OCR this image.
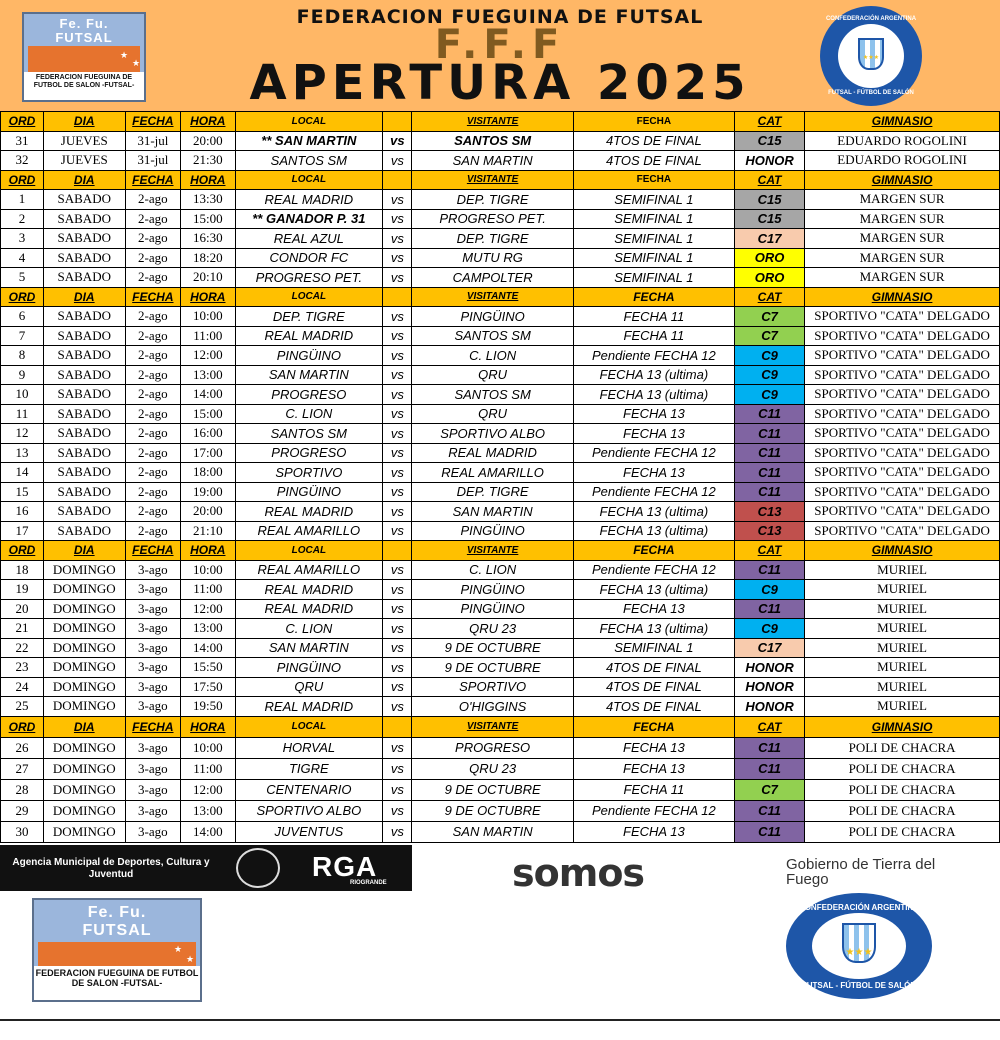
FEDERACION FUEGUINA DE FUTSAL
F.F.F
APERTURA 2025
Fe. Fu.
FUTSAL
★
★
FEDERACION FUEGUINA DE FUTBOL DE SALON -FUTSAL-
CONFEDERACIÓN ARGENTINA
★★★
FUTSAL - FÚTBOL DE SALÓN
ORD	DIA	FECHA	HORA	LOCAL		VISITANTE	FECHA	CAT	GIMNASIO
31	JUEVES	31-jul	20:00	** SAN MARTIN	vs	SANTOS SM	4TOS DE FINAL	C15	EDUARDO ROGOLINI
32	JUEVES	31-jul	21:30	SANTOS SM	vs	SAN MARTIN	4TOS DE FINAL	HONOR	EDUARDO ROGOLINI
ORD	DIA	FECHA	HORA	LOCAL		VISITANTE	FECHA	CAT	GIMNASIO
1	SABADO	2-ago	13:30	REAL MADRID	vs	DEP. TIGRE	SEMIFINAL 1	C15	MARGEN SUR
2	SABADO	2-ago	15:00	** GANADOR P. 31	vs	PROGRESO PET.	SEMIFINAL 1	C15	MARGEN SUR
3	SABADO	2-ago	16:30	REAL AZUL	vs	DEP. TIGRE	SEMIFINAL 1	C17	MARGEN SUR
4	SABADO	2-ago	18:20	CONDOR FC	vs	MUTU RG	SEMIFINAL 1	ORO	MARGEN SUR
5	SABADO	2-ago	20:10	PROGRESO PET.	vs	CAMPOLTER	SEMIFINAL 1	ORO	MARGEN SUR
ORD	DIA	FECHA	HORA	LOCAL		VISITANTE	FECHA	CAT	GIMNASIO
6	SABADO	2-ago	10:00	DEP. TIGRE	vs	PINGÜINO	FECHA 11	C7	SPORTIVO "CATA" DELGADO
7	SABADO	2-ago	11:00	REAL MADRID	vs	SANTOS SM	FECHA 11	C7	SPORTIVO "CATA" DELGADO
8	SABADO	2-ago	12:00	PINGÜINO	vs	C. LION	Pendiente FECHA 12	C9	SPORTIVO "CATA" DELGADO
9	SABADO	2-ago	13:00	SAN MARTIN	vs	QRU	FECHA 13 (ultima)	C9	SPORTIVO "CATA" DELGADO
10	SABADO	2-ago	14:00	PROGRESO	vs	SANTOS SM	FECHA 13 (ultima)	C9	SPORTIVO "CATA" DELGADO
11	SABADO	2-ago	15:00	C. LION	vs	QRU	FECHA 13	C11	SPORTIVO "CATA" DELGADO
12	SABADO	2-ago	16:00	SANTOS SM	vs	SPORTIVO ALBO	FECHA 13	C11	SPORTIVO "CATA" DELGADO
13	SABADO	2-ago	17:00	PROGRESO	vs	REAL MADRID	Pendiente FECHA 12	C11	SPORTIVO "CATA" DELGADO
14	SABADO	2-ago	18:00	SPORTIVO	vs	REAL AMARILLO	FECHA 13	C11	SPORTIVO "CATA" DELGADO
15	SABADO	2-ago	19:00	PINGÜINO	vs	DEP. TIGRE	Pendiente FECHA 12	C11	SPORTIVO "CATA" DELGADO
16	SABADO	2-ago	20:00	REAL MADRID	vs	SAN MARTIN	FECHA 13 (ultima)	C13	SPORTIVO "CATA" DELGADO
17	SABADO	2-ago	21:10	REAL AMARILLO	vs	PINGÜINO	FECHA 13 (ultima)	C13	SPORTIVO "CATA" DELGADO
ORD	DIA	FECHA	HORA	LOCAL		VISITANTE	FECHA	CAT	GIMNASIO
18	DOMINGO	3-ago	10:00	REAL AMARILLO	vs	C. LION	Pendiente FECHA 12	C11	MURIEL
19	DOMINGO	3-ago	11:00	REAL MADRID	vs	PINGÜINO	FECHA 13 (ultima)	C9	MURIEL
20	DOMINGO	3-ago	12:00	REAL MADRID	vs	PINGÜINO	FECHA 13	C11	MURIEL
21	DOMINGO	3-ago	13:00	C. LION	vs	QRU 23	FECHA 13 (ultima)	C9	MURIEL
22	DOMINGO	3-ago	14:00	SAN MARTIN	vs	9 DE OCTUBRE	SEMIFINAL 1	C17	MURIEL
23	DOMINGO	3-ago	15:50	PINGÜINO	vs	9 DE OCTUBRE	4TOS DE FINAL	HONOR	MURIEL
24	DOMINGO	3-ago	17:50	QRU	vs	SPORTIVO	4TOS DE FINAL	HONOR	MURIEL
25	DOMINGO	3-ago	19:50	REAL MADRID	vs	O'HIGGINS	4TOS DE FINAL	HONOR	MURIEL
ORD	DIA	FECHA	HORA	LOCAL		VISITANTE	FECHA	CAT	GIMNASIO
26	DOMINGO	3-ago	10:00	HORVAL	vs	PROGRESO	FECHA 13	C11	POLI DE CHACRA
27	DOMINGO	3-ago	11:00	TIGRE	vs	QRU 23	FECHA 13	C11	POLI DE CHACRA
28	DOMINGO	3-ago	12:00	CENTENARIO	vs	9 DE OCTUBRE	FECHA 11	C7	POLI DE CHACRA
29	DOMINGO	3-ago	13:00	SPORTIVO ALBO	vs	9 DE OCTUBRE	Pendiente FECHA 12	C11	POLI DE CHACRA
30	DOMINGO	3-ago	14:00	JUVENTUS	vs	SAN MARTIN	FECHA 13	C11	POLI DE CHACRA
Agencia Municipal de Deportes, Cultura y Juventud	RGA
RIOGRANDE	somos	Gobierno de Tierra del Fuego
Fe. Fu.
FUTSAL
★
★
FEDERACION FUEGUINA DE FUTBOL DE SALON -FUTSAL-
CONFEDERACIÓN ARGENTINA
★★★
FUTSAL - FÚTBOL DE SALÓN
